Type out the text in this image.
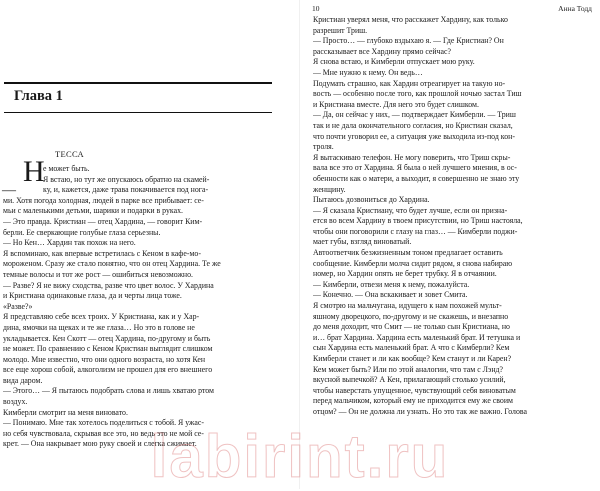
Глава 1
ТЕССА
Н
—
е может быть.
Я встаю, но тут же опускаюсь обратно на скамей-
ку, и, кажется, даже трава покачивается под нога-
ми. Хотя погода холодная, людей в парке все прибывает: се-
мьи с маленькими детьми, шарики и подарки в руках.
— Это правда. Кристиан — отец Хардина, — говорит Ким-
берли. Ее сверкающие голубые глаза серьезны.
— Но Кен… Хардин так похож на него.
Я вспоминаю, как впервые встретилась с Кеном в кафе-мо-
мороженом. Сразу же стало понятно, что он отец Хардина. Те же
темные волосы и тот же рост — ошибиться невозможно.
— Разве? Я не вижу сходства, разве что цвет волос. У Хардина
и Кристиана одинаковые глаза, да и черты лица тоже.
«Разве?»
Я представляю себе всех троих. У Кристиана, как и у Хар-
дина, ямочки на щеках и те же глаза… Но это в голове не
укладывается. Кен Скотт — отец Хардина, по-другому и быть
не может. По сравнению с Кеном Кристиан выглядит слишком
молодо. Мне известно, что они одного возраста, но хотя Кен
все еще хорош собой, алкоголизм не прошел для его внешнего
вида даром.
— Этого… — Я пытаюсь подобрать слова и лишь хватаю ртом
воздух.
Кимберли смотрит на меня виновато.
— Понимаю. Мне так хотелось поделиться с тобой. Я ужас-
но себя чувствовала, скрывая все это, но ведь это не мой се-
крет. — Она накрывает мою руку своей и слегка сжимает.
10	Анна Тодд
Кристиан уверял меня, что расскажет Хардину, как только
разрешит Триш.
— Просто… — глубоко вздыхаю я. — Где Кристиан? Он
рассказывает все Хардину прямо сейчас?
Я снова встаю, и Кимберли отпускает мою руку.
— Мне нужно к нему. Он ведь…
Подумать страшно, как Хардин отреагирует на такую но-
вость — особенно после того, как прошлой ночью застал Тиш
и Кристиана вместе. Для него это будет слишком.
— Да, он сейчас у них, — подтверждает Кимберли. — Триш
так и не дала окончательного согласия, но Кристиан сказал,
что почти уговорил ее, а ситуация уже выходила из-под кон-
троля.
Я вытаскиваю телефон. Не могу поверить, что Триш скры-
вала все это от Хардина. Я была о ней лучшего мнения, в ос-
обенности как о матери, а выходит, я совершенно не знаю эту
женщину.
Пытаюсь дозвониться до Хардина.
— Я сказала Кристиану, что будет лучше, если он призна-
ется во всем Хардину в твоем присутствии, но Триш настояла,
чтобы они поговорили с глазу на глаз… — Кимберли поджи-
мает губы, взгляд виноватый.
Автоответчик безжизненным тоном предлагает оставить
сообщение. Кимберли молча сидит рядом, я снова набираю
номер, но Хардин опять не берет трубку. Я в отчаянии.
— Кимберли, отвези меня к нему, пожалуйста.
— Конечно. — Она вскакивает и зовет Смита.
Я смотрю на мальчугана, идущего к нам похожей мульт-
яшному дворецкого, по-другому и не скажешь, и внезапно
до меня доходит, что Смит — не только сын Кристиана, но
и… брат Хардина. Хардина есть маленький брат. И тетушка и
сын Хардина есть маленький брат. А что с Кимберли? Кем
Кимберли станет и ли как вообще? Кем станут и ли Карен?
Кем может быть? Или по этой аналогии, что там с Лэнд?
вкусной выпечкой? А Кен, прилагающий столько усилий,
чтобы наверстать упущенное, чувствующий себя виноватым
перед мальчиком, который ему не приходится ему же своим
отцом? — Он не должна ли узнать. Но это так же важно. Голова
